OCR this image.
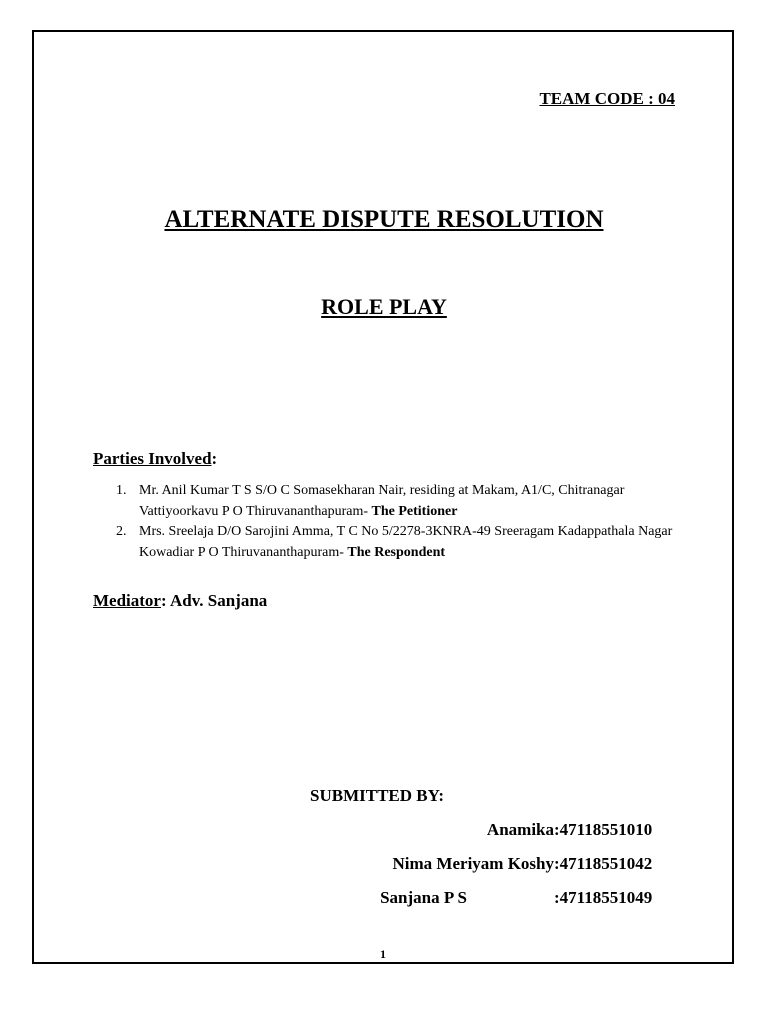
TEAM CODE : 04
ALTERNATE DISPUTE RESOLUTION
ROLE PLAY
Parties Involved:
1. Mr. Anil Kumar T S S/O C Somasekharan Nair, residing at Makam, A1/C, Chitranagar Vattiyoorkavu P O Thiruvananthapuram- The Petitioner
2. Mrs. Sreelaja D/O Sarojini Amma, T C No 5/2278-3KNRA-49 Sreeragam Kadappathala Nagar Kowadiar P O Thiruvananthapuram- The Respondent
Mediator: Adv. Sanjana
SUBMITTED BY:
Anamika :47118551010
Nima Meriyam Koshy :47118551042
Sanjana P S	:47118551049
1
